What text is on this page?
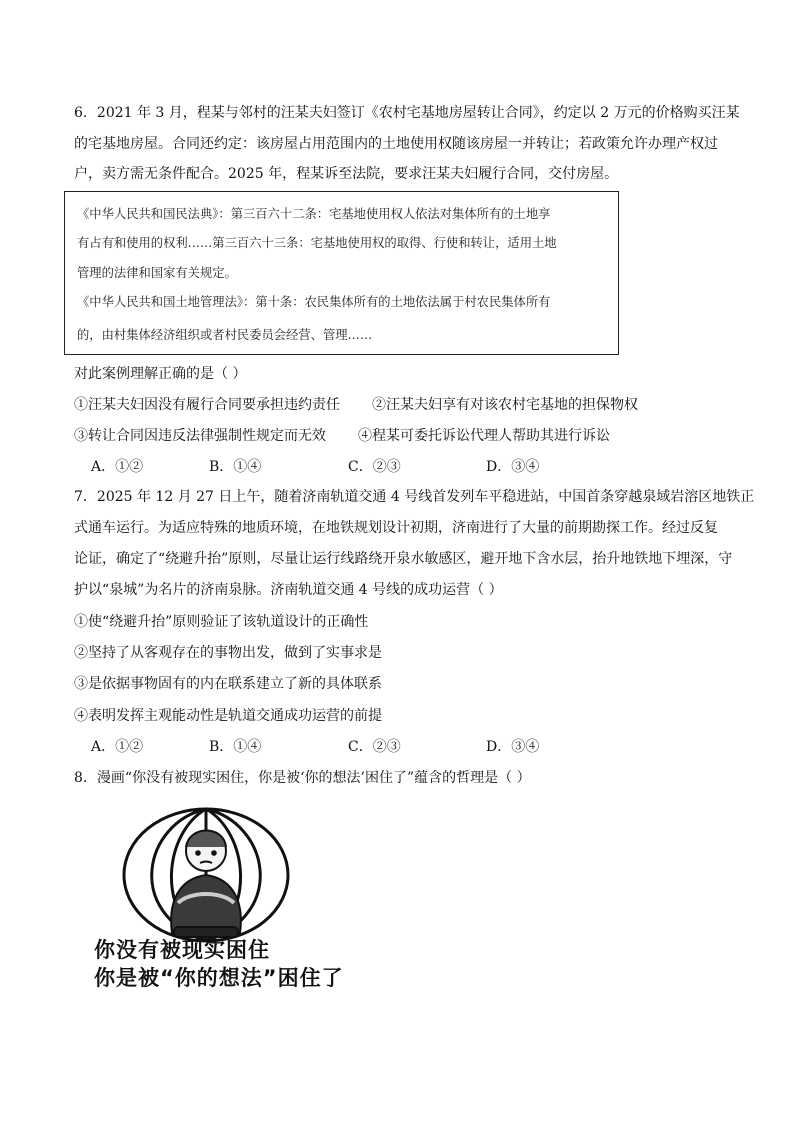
6．2021 年 3 月，程某与邻村的汪某夫妇签订《农村宅基地房屋转让合同》，约定以 2 万元的价格购买汪某
的宅基地房屋。合同还约定：该房屋占用范围内的土地使用权随该房屋一并转让；若政策允许办理产权过
户，卖方需无条件配合。2025 年，程某诉至法院，要求汪某夫妇履行合同，交付房屋。
《中华人民共和国民法典》：第三百六十二条：宅基地使用权人依法对集体所有的土地享
有占有和使用的权利……第三百六十三条：宅基地使用权的取得、行使和转让，适用土地
管理的法律和国家有关规定。
《中华人民共和国土地管理法》：第十条：农民集体所有的土地依法属于村农民集体所有
的，由村集体经济组织或者村民委员会经营、管理……
对此案例理解正确的是（ ）
①汪某夫妇因没有履行合同要承担违约责任 ②汪某夫妇享有对该农村宅基地的担保物权
③转让合同因违反法律强制性规定而无效 ④程某可委托诉讼代理人帮助其进行诉讼
A．①②	B．①④	C．②③	D．③④
7．2025 年 12 月 27 日上午，随着济南轨道交通 4 号线首发列车平稳进站，中国首条穿越泉域岩溶区地铁正
式通车运行。为适应特殊的地质环境，在地铁规划设计初期，济南进行了大量的前期勘探工作。经过反复
论证，确定了“绕避升抬”原则，尽量让运行线路绕开泉水敏感区，避开地下含水层，抬升地铁地下埋深，守
护以“泉城”为名片的济南泉脉。济南轨道交通 4 号线的成功运营（ ）
①使“绕避升抬”原则验证了该轨道设计的正确性
②坚持了从客观存在的事物出发，做到了实事求是
③是依据事物固有的内在联系建立了新的具体联系
④表明发挥主观能动性是轨道交通成功运营的前提
A．①②	B．①④	C．②③	D．③④
8．漫画“你没有被现实困住，你是被‘你的想法’困住了”蕴含的哲理是（ ）
你没有被现实困住
你是被“你的想法”困住了
